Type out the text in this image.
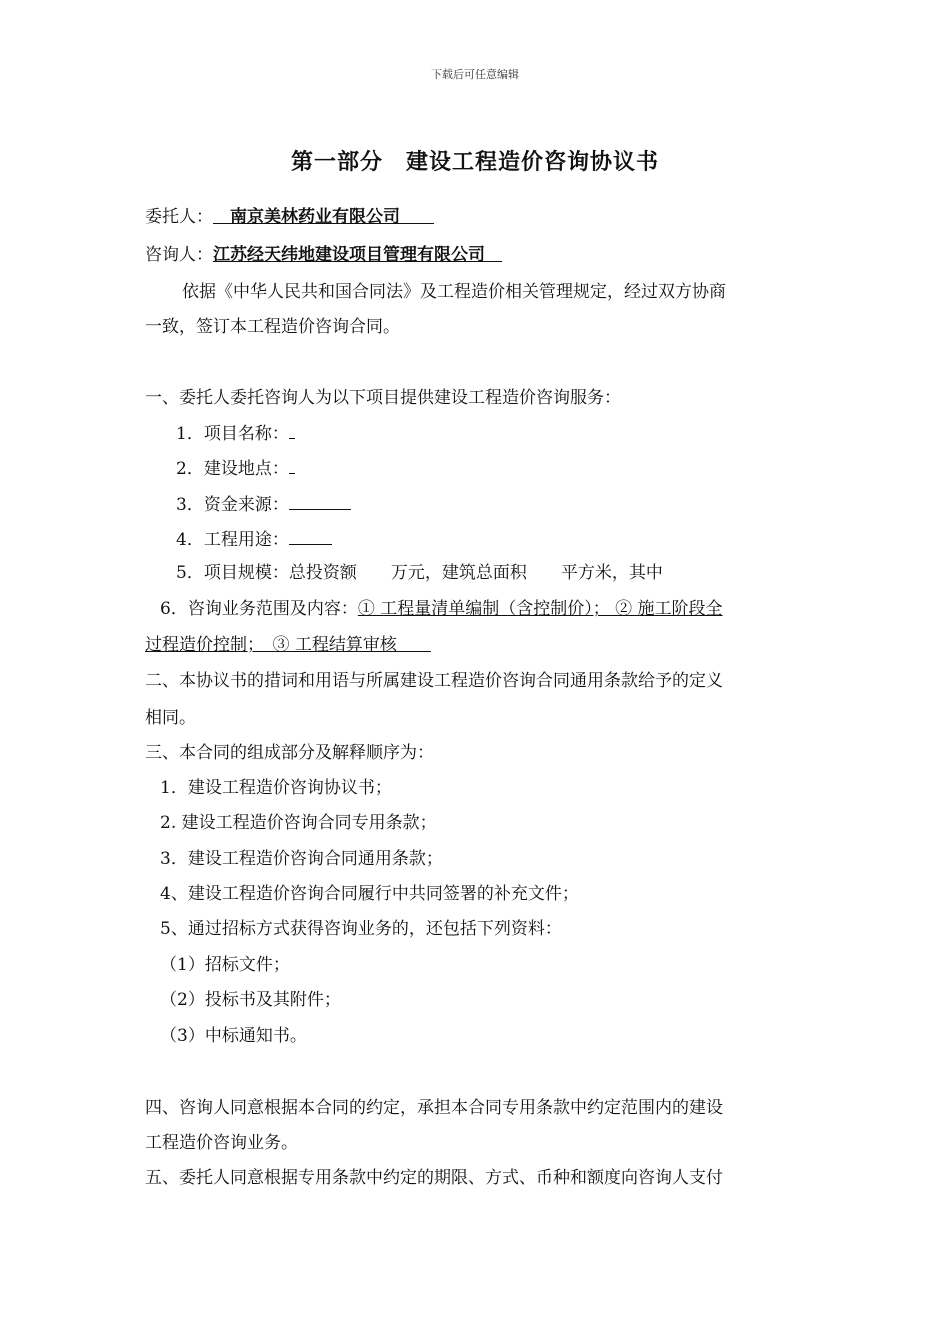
下载后可任意编辑
第一部分　建设工程造价咨询协议书
委托人：  南京美林药业有限公司  
咨询人：江苏经天纬地建设项目管理有限公司 
依据《中华人民共和国合同法》及工程造价相关管理规定，经过双方协商
一致，签订本工程造价咨询合同。
一、委托人委托咨询人为以下项目提供建设工程造价咨询服务：
1．项目名称：
2．建设地点：
3．资金来源：
4．工程用途：
5．项目规模：总投资额　　万元，建筑总面积　　平方米，其中
6．咨询业务范围及内容：① 工程量清单编制（含控制价）； ② 施工阶段全
过程造价控制；　③ 工程结算审核  
二、本协议书的措词和用语与所属建设工程造价咨询合同通用条款给予的定义
相同。
三、本合同的组成部分及解释顺序为：
1．建设工程造价咨询协议书；
2. 建设工程造价咨询合同专用条款；
3．建设工程造价咨询合同通用条款；
4、建设工程造价咨询合同履行中共同签署的补充文件；
5、通过招标方式获得咨询业务的，还包括下列资料：
（1）招标文件；
（2）投标书及其附件；
（3）中标通知书。
四、咨询人同意根据本合同的约定，承担本合同专用条款中约定范围内的建设
工程造价咨询业务。
五、委托人同意根据专用条款中约定的期限、方式、币种和额度向咨询人支付
